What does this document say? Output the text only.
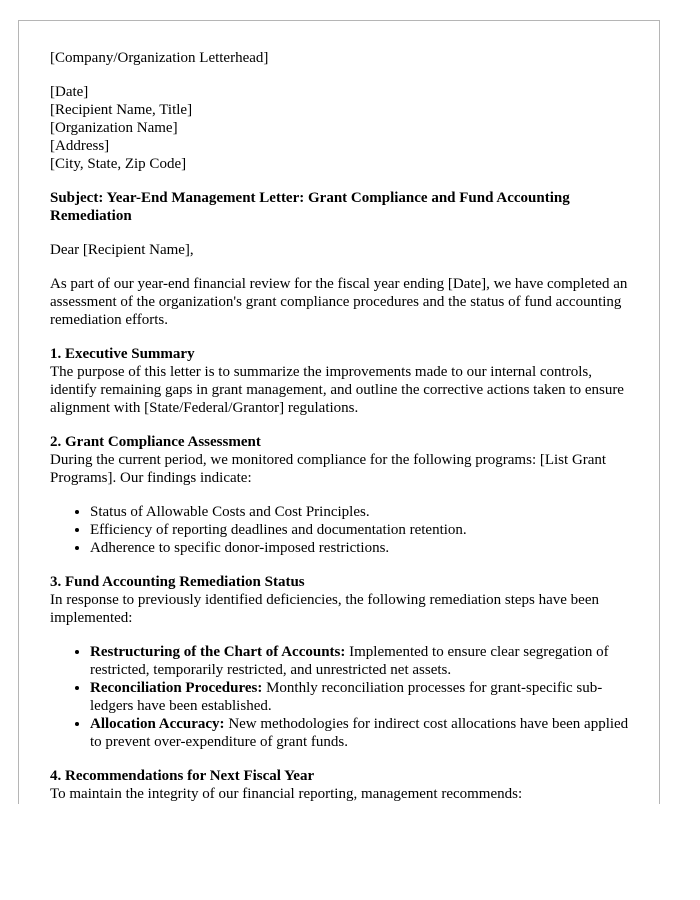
[Company/Organization Letterhead]

[Date]
[Recipient Name, Title]
[Organization Name]
[Address]
[City, State, Zip Code]

Subject: Year-End Management Letter: Grant Compliance and Fund Accounting Remediation

Dear [Recipient Name],

As part of our year-end financial review for the fiscal year ending [Date], we have completed an assessment of the organization's grant compliance procedures and the status of fund accounting remediation efforts.

1. Executive Summary
The purpose of this letter is to summarize the improvements made to our internal controls, identify remaining gaps in grant management, and outline the corrective actions taken to ensure alignment with [State/Federal/Grantor] regulations.
2. Grant Compliance Assessment
During the current period, we monitored compliance for the following programs: [List Grant Programs]. Our findings indicate:
• Status of Allowable Costs and Cost Principles.
• Efficiency of reporting deadlines and documentation retention.
• Adherence to specific donor-imposed restrictions.
3. Fund Accounting Remediation Status
In response to previously identified deficiencies, the following remediation steps have been implemented:
• Restructuring of the Chart of Accounts: Implemented to ensure clear segregation of restricted, temporarily restricted, and unrestricted net assets.
• Reconciliation Procedures: Monthly reconciliation processes for grant-specific sub-ledgers have been established.
• Allocation Accuracy: New methodologies for indirect cost allocations have been applied to prevent over-expenditure of grant funds.
4. Recommendations for Next Fiscal Year
To maintain the integrity of our financial reporting, management recommends:
